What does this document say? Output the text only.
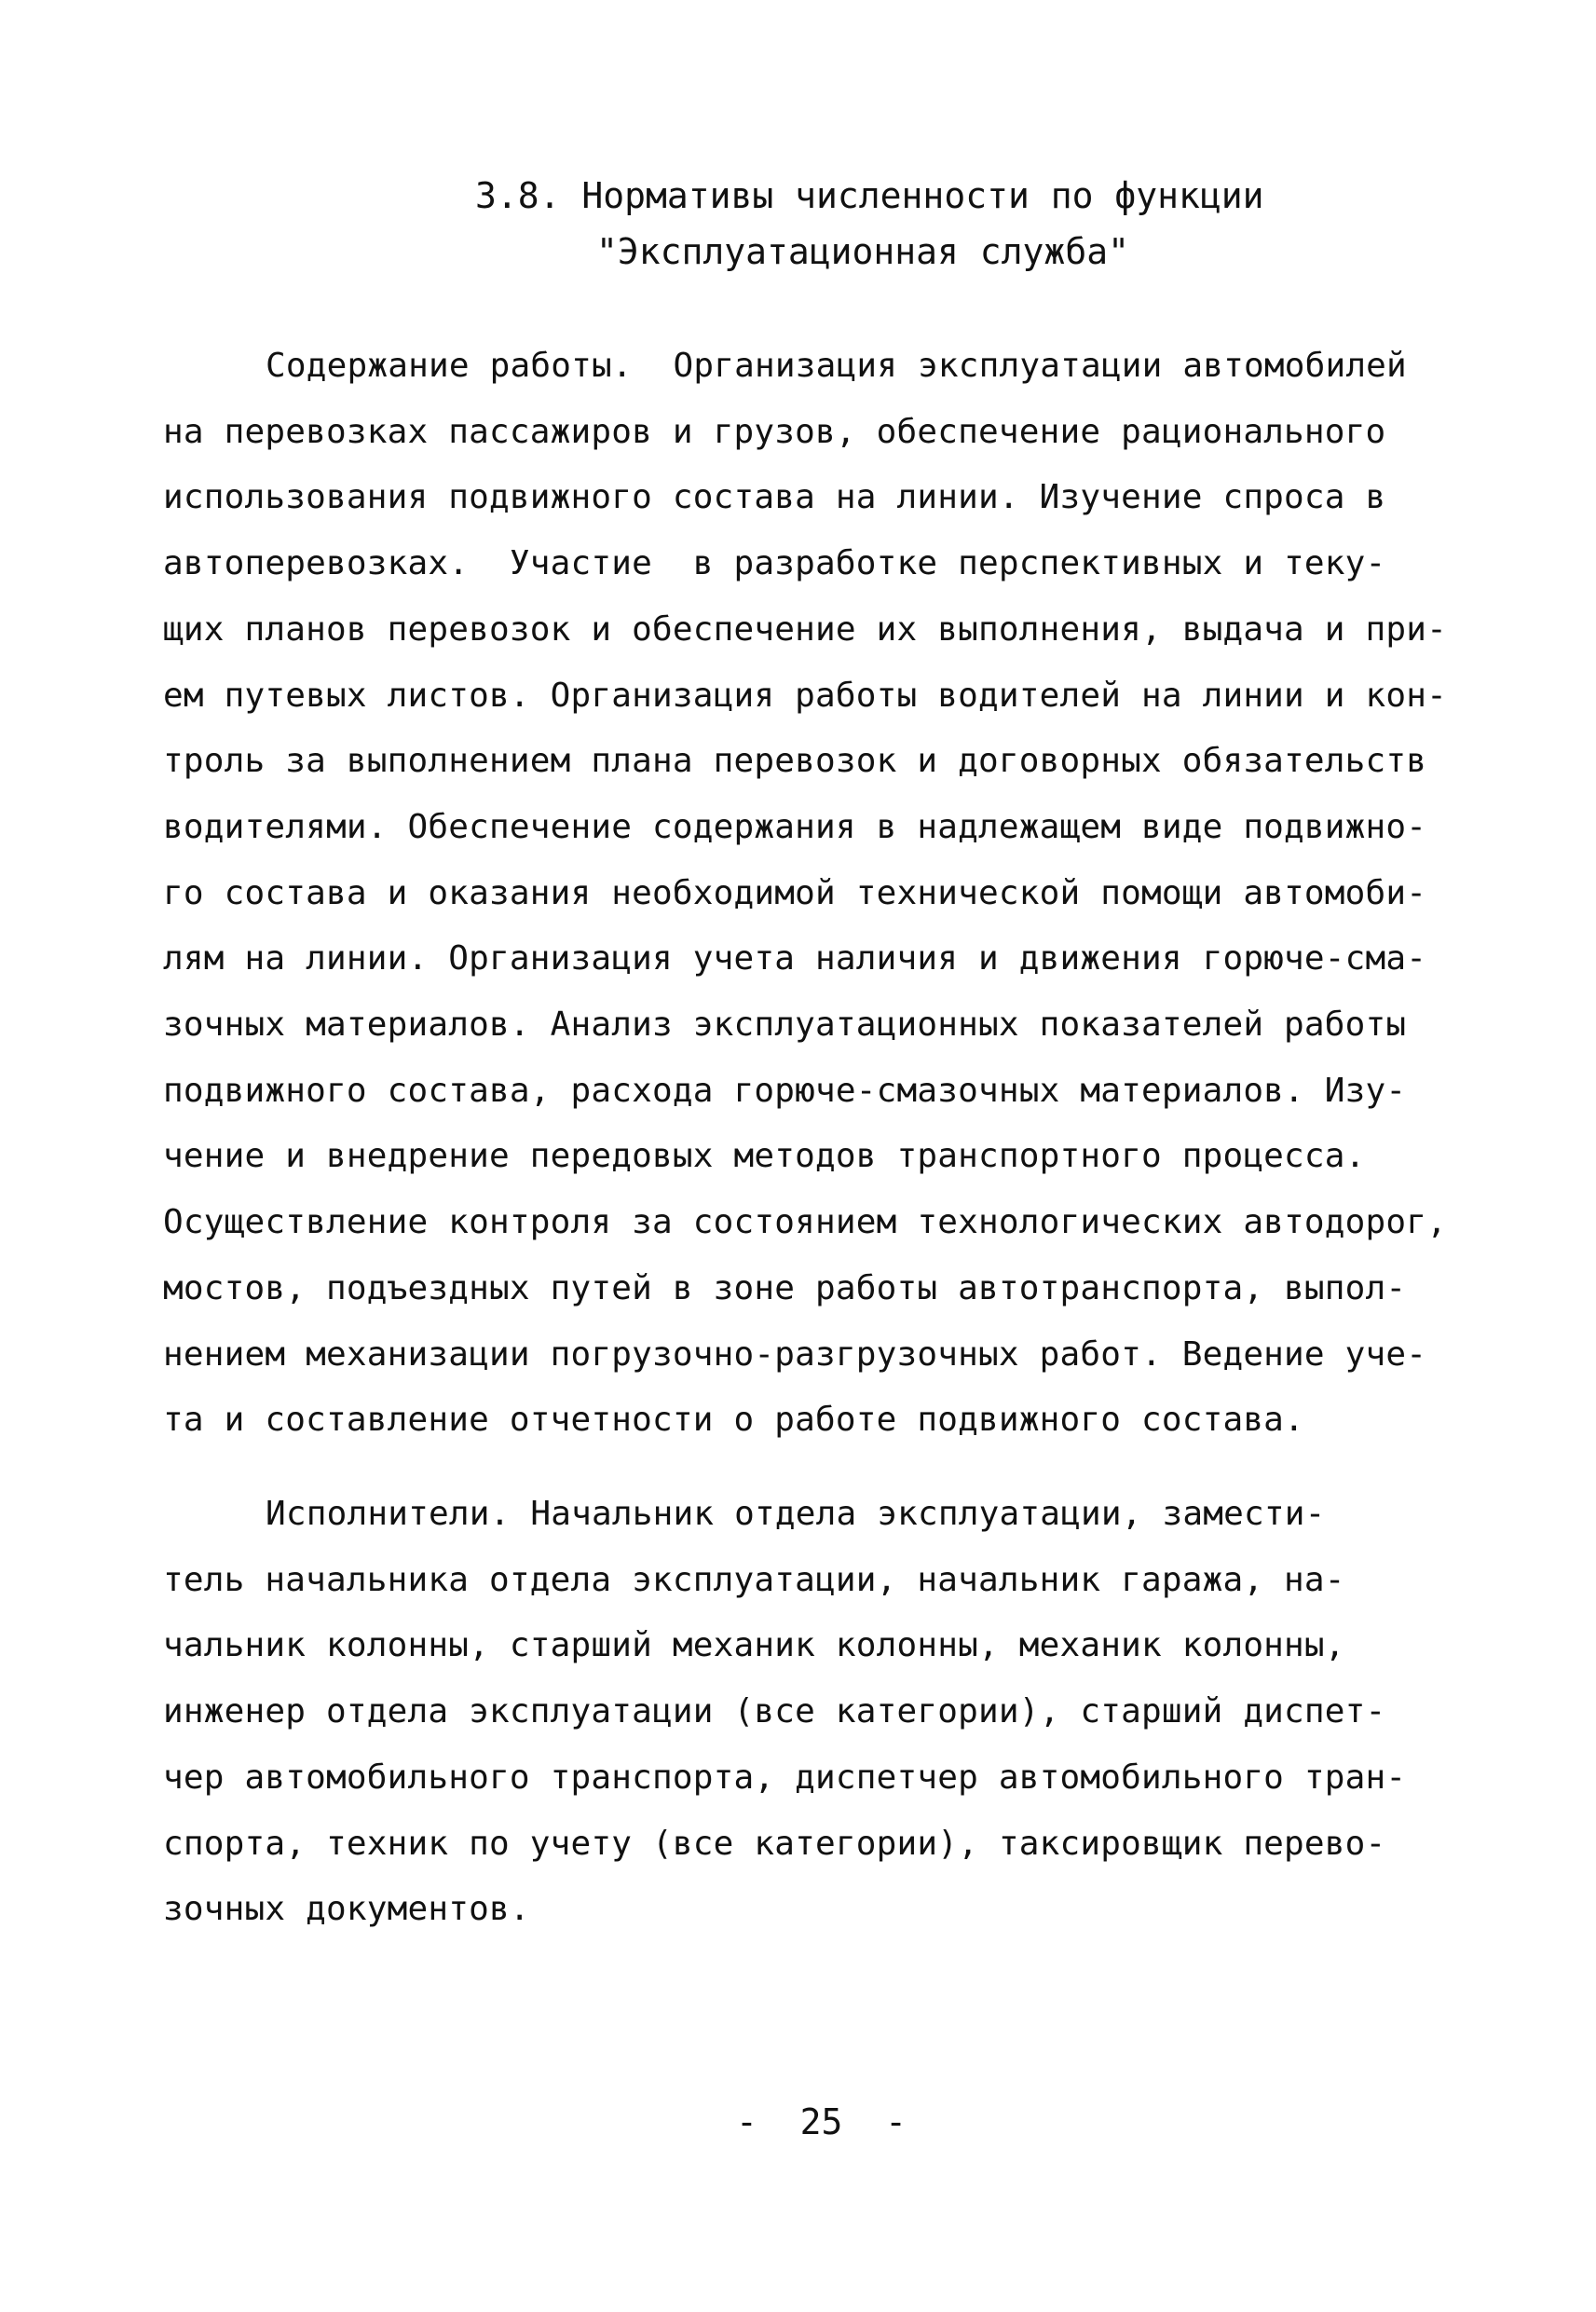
3.8. Нормативы численности по функции
"Эксплуатационная служба"
Содержание работы.  Организация эксплуатации автомобилей
на перевозках пассажиров и грузов, обеспечение рационального
использования подвижного состава на линии. Изучение спроса в
автоперевозках.  Участие  в разработке перспективных и теку-
щих планов перевозок и обеспечение их выполнения, выдача и при-
ем путевых листов. Организация работы водителей на линии и кон-
троль за выполнением плана перевозок и договорных обязательств
водителями. Обеспечение содержания в надлежащем виде подвижно-
го состава и оказания необходимой технической помощи автомоби-
лям на линии. Организация учета наличия и движения горюче-сма-
зочных материалов. Анализ эксплуатационных показателей работы
подвижного состава, расхода горюче-смазочных материалов. Изу-
чение и внедрение передовых методов транспортного процесса.
Осуществление контроля за состоянием технологических автодорог,
мостов, подъездных путей в зоне работы автотранспорта, выпол-
нением механизации погрузочно-разгрузочных работ. Ведение уче-
та и составление отчетности о работе подвижного состава.
Исполнители. Начальник отдела эксплуатации, замести-
тель начальника отдела эксплуатации, начальник гаража, на-
чальник колонны, старший механик колонны, механик колонны,
инженер отдела эксплуатации (все категории), старший диспет-
чер автомобильного транспорта, диспетчер автомобильного тран-
спорта, техник по учету (все категории), таксировщик перево-
зочных документов.
-  25  -
